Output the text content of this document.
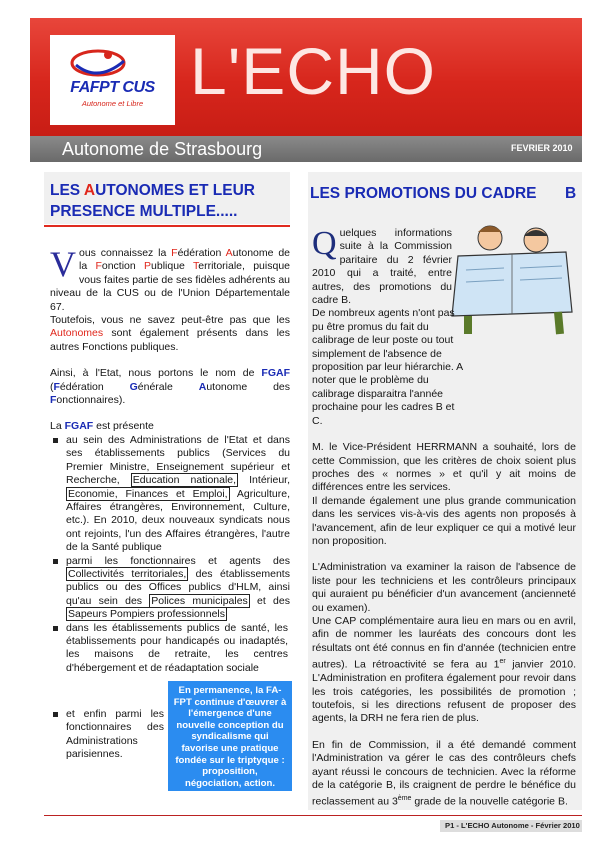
FAFPT CUS
Autonome et Libre L'ECHO
Autonome de Strasbourg	FEVRIER 2010
LES AUTONOMES ET LEUR PRESENCE MULTIPLE.....

Vous connaissez la Fédération Autonome de la Fonction Publique Territoriale, puisque vous faites partie de ses fidèles adhérents au niveau de la CUS ou de l'Union Départementale 67.

Toutefois, vous ne savez peut-être pas que les Autonomes sont également présents dans les autres Fonctions publiques.

Ainsi, à l'Etat, nous portons le nom de FGAF (Fédération Générale Autonome des Fonctionnaires).

La FGAF est présente

au sein des Administrations de l'Etat et dans ses établissements publics (Services du Premier Ministre, Enseignement supérieur et Recherche, Education nationale, Intérieur, Economie, Finances et Emploi, Agriculture, Affaires étrangères, Environnement, Culture, etc.). En 2010, deux nouveaux syndicats nous ont rejoints, l'un des Affaires étrangères, l'autre de la Santé publique
parmi les fonctionnaires et agents des Collectivités territoriales, des établissements publics ou des Offices publics d'HLM, ainsi qu'au sein des Polices municipales et des Sapeurs Pompiers professionnels
dans les établissements publics de santé, les établissements pour handicapés ou inadaptés, les maisons de retraite, les centres d'hébergement et de réadaptation sociale
et enfin parmi les fonctionnaires des Administrations parisiennes.
En permanence, la FA-FPT continue d'œuvrer à l'émergence d'une nouvelle conception du syndicalisme qui favorise une pratique fondée sur le triptyque : proposition, négociation, action.
LES PROMOTIONS DU CADRE	B

Q uelques informations suite à la Commission paritaire du 2 février 2010 qui a traité, entre autres, des promotions du cadre B.

De nombreux agents n'ont pas pu être promus du fait du calibrage de leur poste ou tout simplement de l'absence de proposition par leur hiérarchie. A noter que le problème du calibrage disparaitra l'année prochaine pour les cadres B et C.

M. le Vice-Président HERRMANN a souhaité, lors de cette Commission, que les critères de choix soient plus proches des « normes » et qu'il y ait moins de différences entre les services.

Il demande également une plus grande communication dans les services vis-à-vis des agents non proposés à l'avancement, afin de leur expliquer ce qui a motivé leur non proposition.

L'Administration va examiner la raison de l'absence de liste pour les techniciens et les contrôleurs principaux qui auraient pu bénéficier d'un avancement (ancienneté ou examen).

Une CAP complémentaire aura lieu en mars ou en avril, afin de nommer les lauréats des concours dont les résultats ont été connus en fin d'année (technicien entre autres). La rétroactivité se fera au 1er janvier 2010. L'Administration en profitera également pour revoir dans les trois catégories, les possibilités de promotion ; toutefois, si les directions refusent de proposer des agents, la DRH ne fera rien de plus.

En fin de Commission, il a été demandé comment l'Administration va gérer le cas des contrôleurs chefs ayant réussi le concours de technicien. Avec la réforme de la catégorie B, ils craignent de perdre le bénéfice du reclassement au 3ème grade de la nouvelle catégorie B.

P1 - L'ECHO Autonome - Février 2010
